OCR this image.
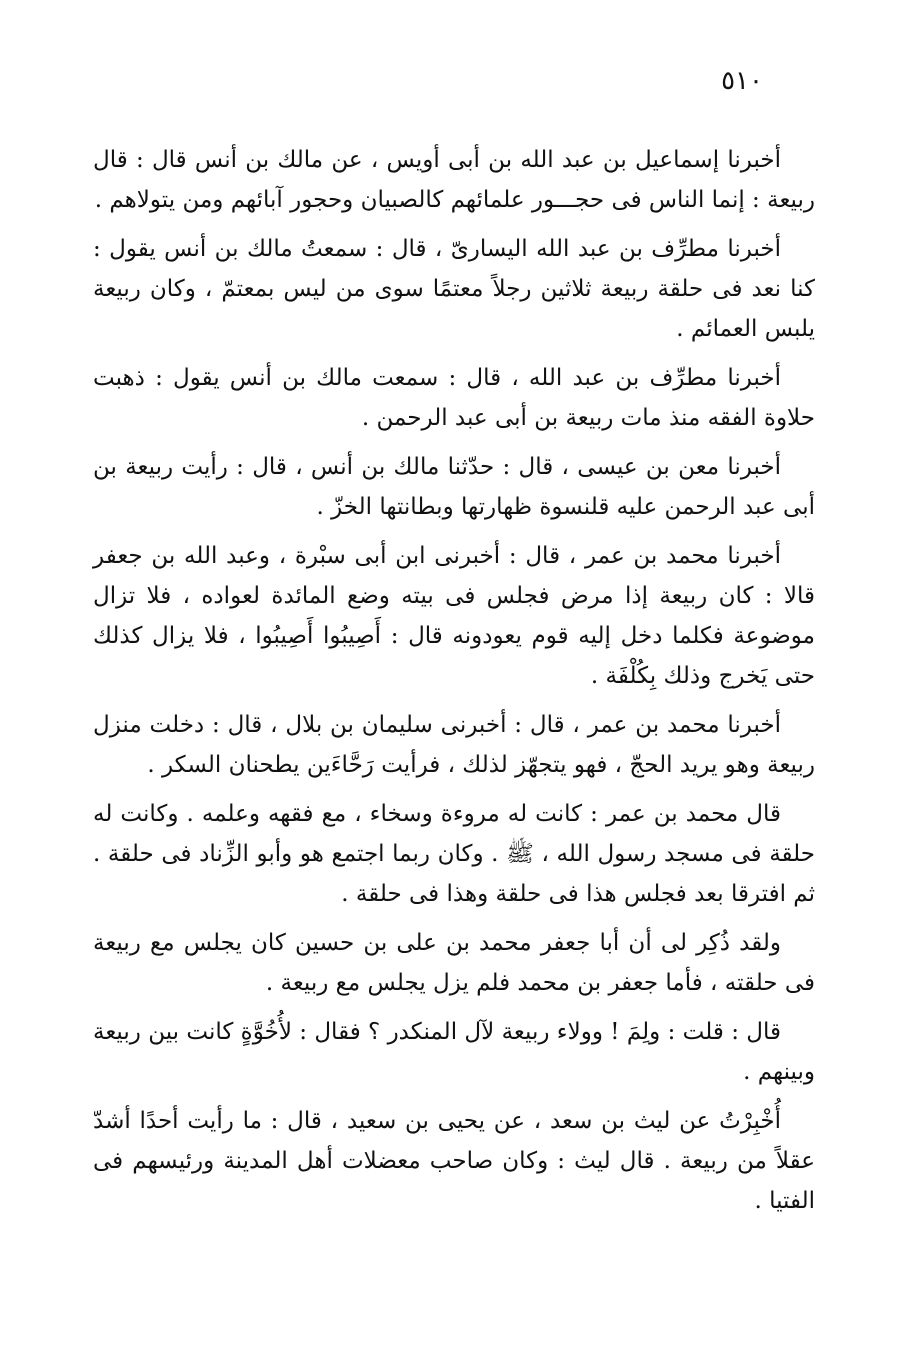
٥١٠

أخبرنا إسماعيل بن عبد الله بن أبى أويس ، عن مالك بن أنس قال : قال ربيعة : إنما الناس فى حجـــور علمائهم كالصبيان وحجور آبائهم ومن يتولاهم .

أخبرنا مطرِّف بن عبد الله اليسارىّ ، قال : سمعتُ مالك بن أنس يقول : كنا نعد فى حلقة ربيعة ثلاثين رجلاً معتمًا سوى من ليس بمعتمّ ، وكان ربيعة يلبس العمائم .

أخبرنا مطرِّف بن عبد الله ، قال : سمعت مالك بن أنس يقول : ذهبت حلاوة الفقه منذ مات ربيعة بن أبى عبد الرحمن .

أخبرنا معن بن عيسى ، قال : حدّثنا مالك بن أنس ، قال : رأيت ربيعة بن أبى عبد الرحمن عليه قلنسوة ظهارتها وبطانتها الخزّ .

أخبرنا محمد بن عمر ، قال : أخبرنى ابن أبى سبْرة ، وعبد الله بن جعفر قالا : كان ربيعة إذا مرض فجلس فى بيته وضع المائدة لعواده ، فلا تزال موضوعة فكلما دخل إليه قوم يعودونه قال : أَصِيبُوا أَصِيبُوا ، فلا يزال كذلك حتى يَخرج وذلك بِكُلْفَة .

أخبرنا محمد بن عمر ، قال : أخبرنى سليمان بن بلال ، قال : دخلت منزل ربيعة وهو يريد الحجّ ، فهو يتجهّز لذلك ، فرأيت رَحَّاءَين يطحنان السكر .

قال محمد بن عمر : كانت له مروءة وسخاء ، مع فقهه وعلمه . وكانت له حلقة فى مسجد رسول الله ، ﷺ . وكان ربما اجتمع هو وأبو الزِّناد فى حلقة . ثم افترقا بعد فجلس هذا فى حلقة وهذا فى حلقة .

ولقد ذُكِر لى أن أبا جعفر محمد بن على بن حسين كان يجلس مع ربيعة فى حلقته ، فأما جعفر بن محمد فلم يزل يجلس مع ربيعة .

قال : قلت : ولِمَ ! وولاء ربيعة لآل المنكدر ؟ فقال : لأُخُوَّةٍ كانت بين ربيعة وبينهم .

أُخْبِرْتُ عن ليث بن سعد ، عن يحيى بن سعيد ، قال : ما رأيت أحدًا أشدّ عقلاً من ربيعة . قال ليث : وكان صاحب معضلات أهل المدينة ورئيسهم فى الفتيا .
